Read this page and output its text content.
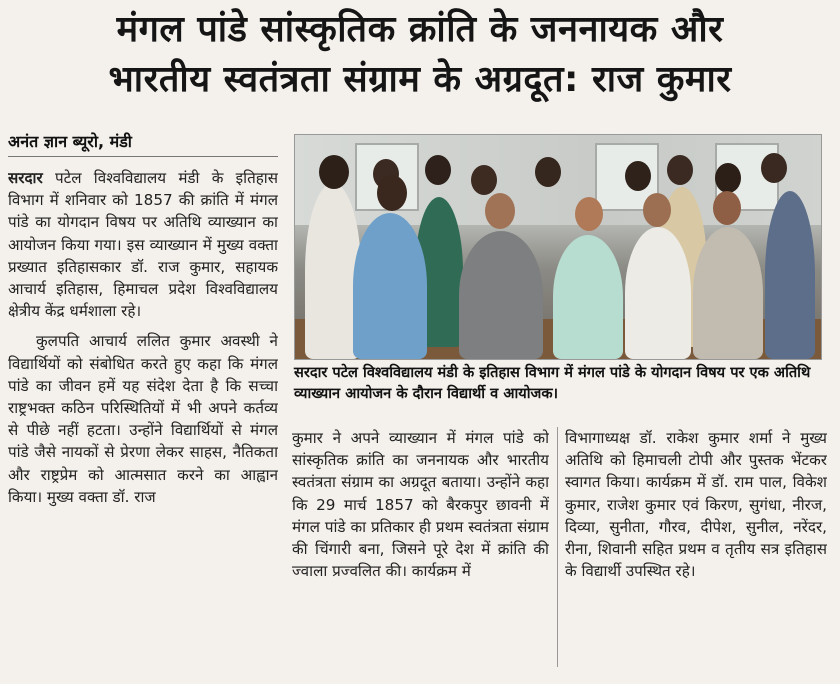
मंगल पांडे सांस्कृतिक क्रांति के जननायक और
भारतीय स्वतंत्रता संग्राम के अग्रदूत: राज कुमार
अनंत ज्ञान ब्यूरो, मंडी

सरदार पटेल विश्वविद्यालय मंडी के इतिहास विभाग में शनिवार को 1857 की क्रांति में मंगल पांडे का योगदान विषय पर अतिथि व्याख्यान का आयोजन किया गया। इस व्याख्यान में मुख्य वक्ता प्रख्यात इतिहासकार डॉ. राज कुमार, सहायक आचार्य इतिहास, हिमाचल प्रदेश विश्वविद्यालय क्षेत्रीय केंद्र धर्मशाला रहे।

कुलपति आचार्य ललित कुमार अवस्थी ने विद्यार्थियों को संबोधित करते हुए कहा कि मंगल पांडे का जीवन हमें यह संदेश देता है कि सच्चा राष्ट्रभक्त कठिन परिस्थितियों में भी अपने कर्तव्य से पीछे नहीं हटता। उन्होंने विद्यार्थियों से मंगल पांडे जैसे नायकों से प्रेरणा लेकर साहस, नैतिकता और राष्ट्रप्रेम को आत्मसात करने का आह्वान किया। मुख्य वक्ता डॉ. राज

सरदार पटेल विश्वविद्यालय मंडी के इतिहास विभाग में मंगल पांडे के योगदान विषय पर एक अतिथि व्याख्यान आयोजन के दौरान विद्यार्थी व आयोजक।
कुमार ने अपने व्याख्यान में मंगल पांडे को सांस्कृतिक क्रांति का जननायक और भारतीय स्वतंत्रता संग्राम का अग्रदूत बताया। उन्होंने कहा कि 29 मार्च 1857 को बैरकपुर छावनी में मंगल पांडे का प्रतिकार ही प्रथम स्वतंत्रता संग्राम की चिंगारी बना, जिसने पूरे देश में क्रांति की ज्वाला प्रज्वलित की। कार्यक्रम में
विभागाध्यक्ष डॉ. राकेश कुमार शर्मा ने मुख्य अतिथि को हिमाचली टोपी और पुस्तक भेंटकर स्वागत किया। कार्यक्रम में डॉ. राम पाल, विकेश कुमार, राजेश कुमार एवं किरण, सुगंधा, नीरज, दिव्या, सुनीता, गौरव, दीपेश, सुनील, नरेंदर, रीना, शिवानी सहित प्रथम व तृतीय सत्र इतिहास के विद्यार्थी उपस्थित रहे।
